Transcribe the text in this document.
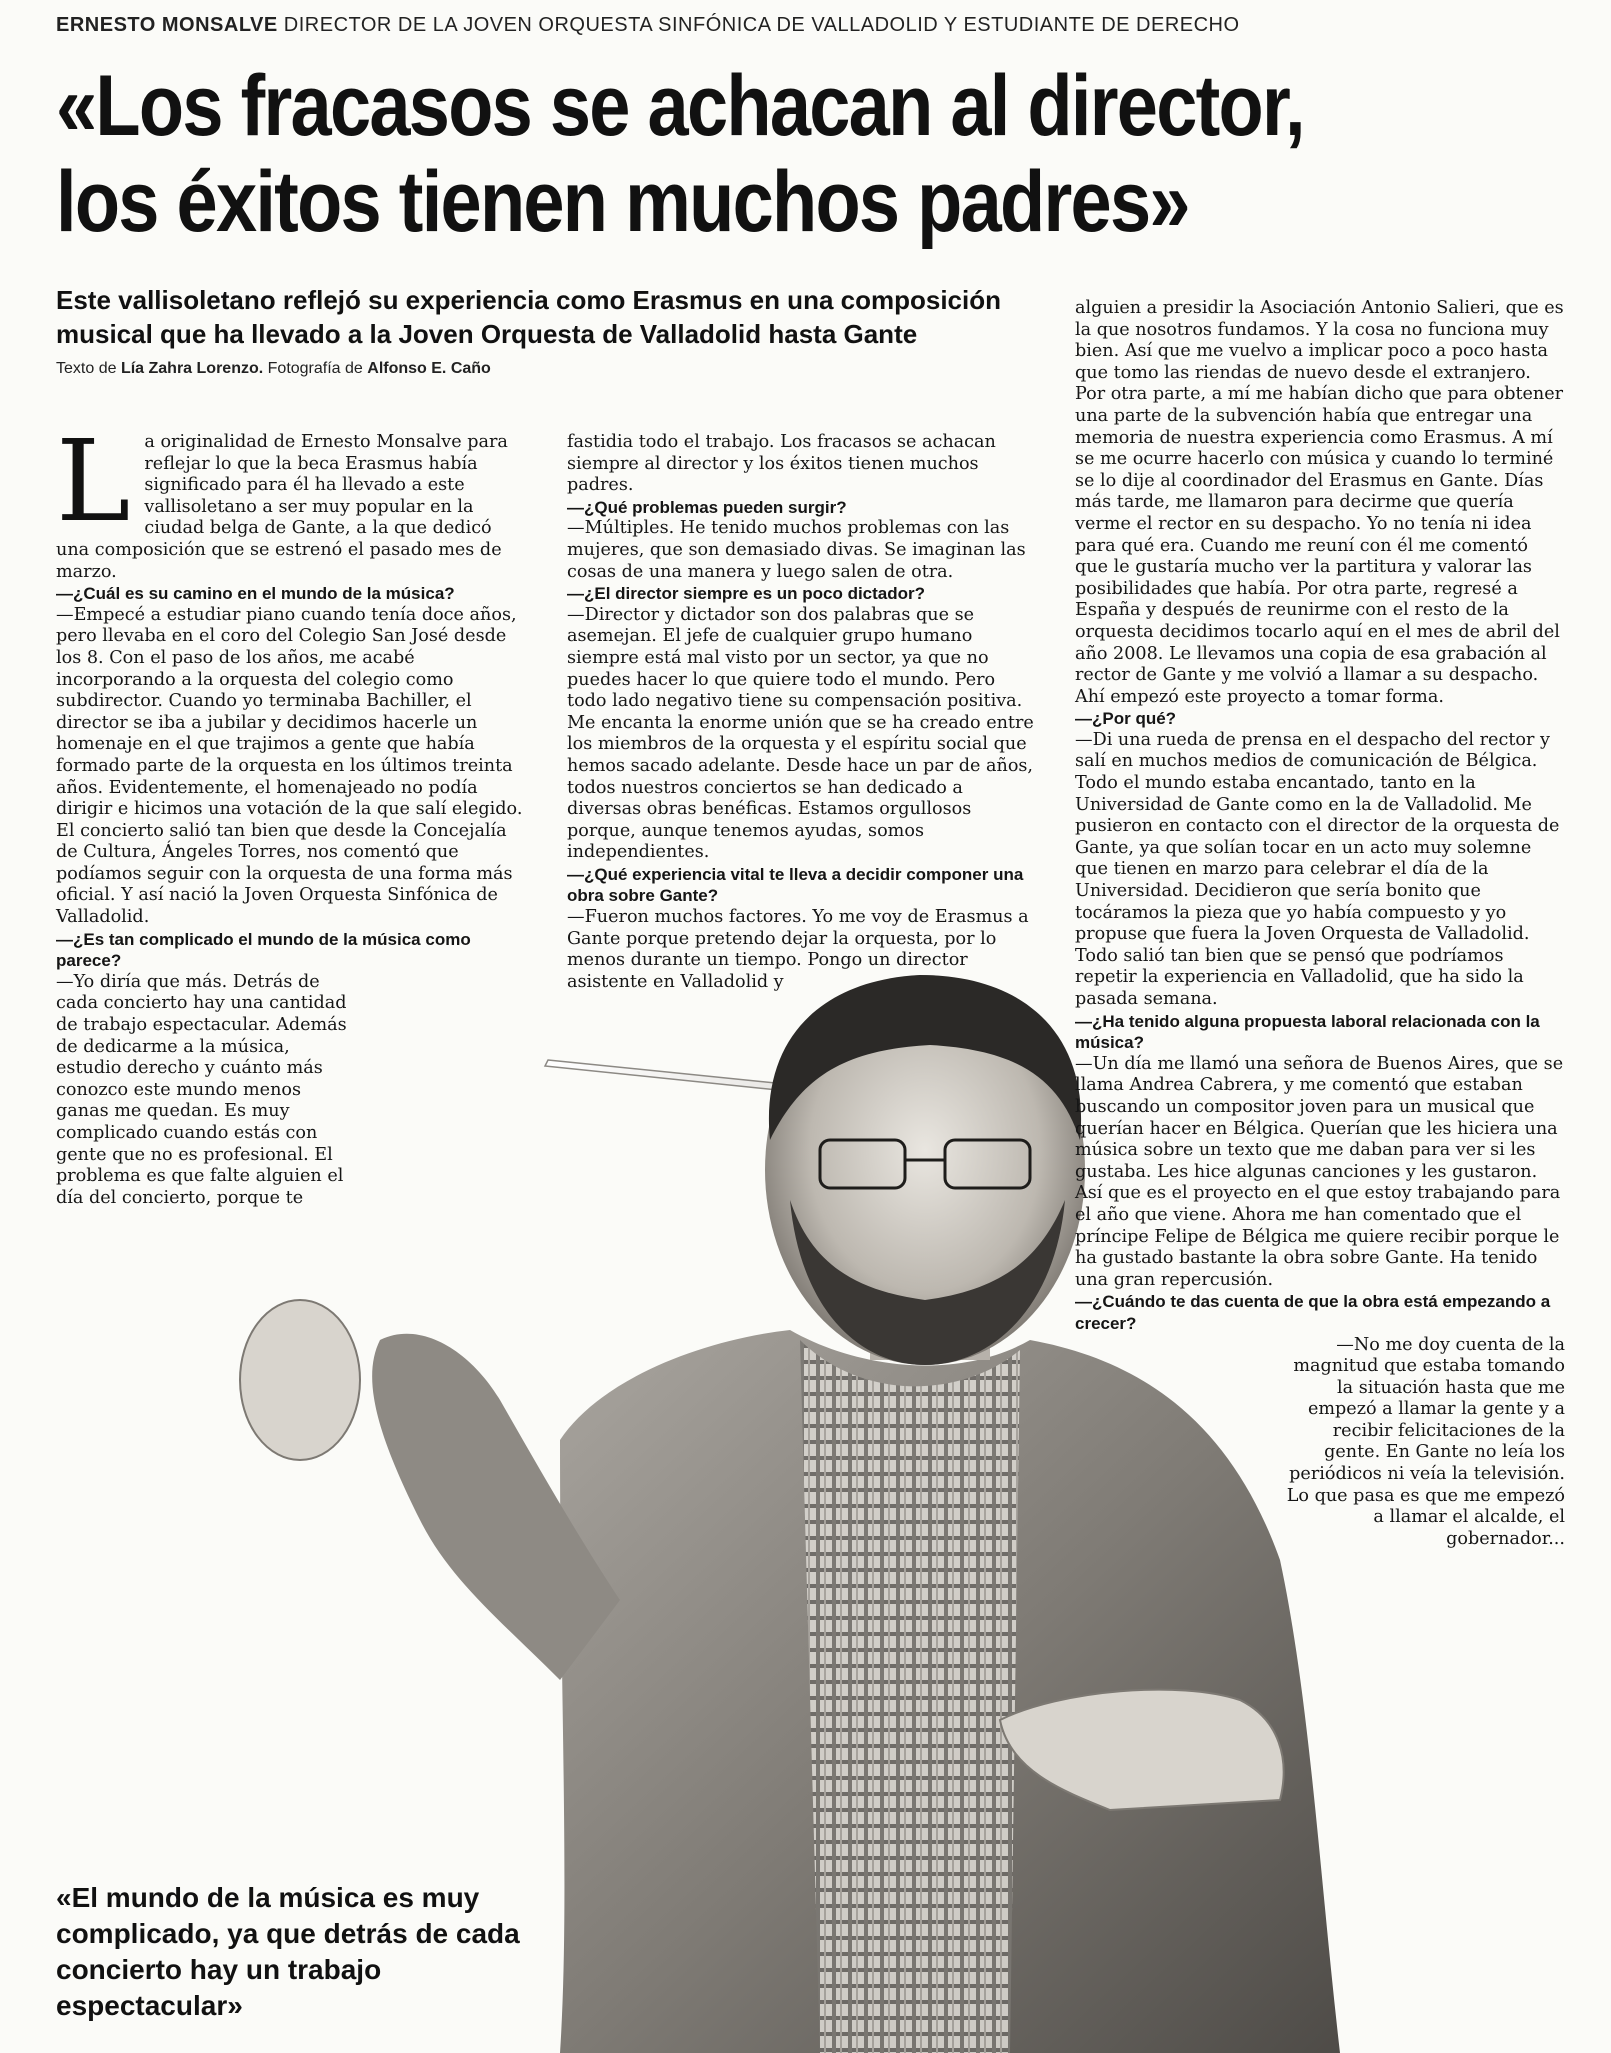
ERNESTO MONSALVE DIRECTOR DE LA JOVEN ORQUESTA SINFÓNICA DE VALLADOLID Y ESTUDIANTE DE DERECHO
«Los fracasos se achacan al director,
los éxitos tienen muchos padres»
Este vallisoletano reflejó su experiencia como Erasmus en una composición musical que ha llevado a la Joven Orquesta de Valladolid hasta Gante
Texto de Lía Zahra Lorenzo. Fotografía de Alfonso E. Caño
L a originalidad de Ernesto Monsalve para reflejar lo que la beca Erasmus había significado para él ha llevado a este vallisoletano a ser muy popular en la ciudad belga de Gante, a la que dedicó una composición que se estrenó el pasado mes de marzo.

—¿Cuál es su camino en el mundo de la música?

—Empecé a estudiar piano cuando tenía doce años, pero llevaba en el coro del Colegio San José desde los 8. Con el paso de los años, me acabé incorporando a la orquesta del colegio como subdirector. Cuando yo terminaba Bachiller, el director se iba a jubilar y decidimos hacerle un homenaje en el que trajimos a gente que había formado parte de la orquesta en los últimos treinta años. Evidentemente, el homenajeado no podía dirigir e hicimos una votación de la que salí elegido. El concierto salió tan bien que desde la Concejalía de Cultura, Ángeles Torres, nos comentó que podíamos seguir con la orquesta de una forma más oficial. Y así nació la Joven Orquesta Sinfónica de Valladolid.

—¿Es tan complicado el mundo de la música como parece?

—Yo diría que más. Detrás de cada concierto hay una cantidad de trabajo espectacular. Además de dedicarme a la música, estudio derecho y cuánto más conozco este mundo menos ganas me quedan. Es muy complicado cuando estás con gente que no es profesional. El problema es que falte alguien el día del concierto, porque te

fastidia todo el trabajo. Los fracasos se achacan siempre al director y los éxitos tienen muchos padres.

—¿Qué problemas pueden surgir?

—Múltiples. He tenido muchos problemas con las mujeres, que son demasiado divas. Se imaginan las cosas de una manera y luego salen de otra.

—¿El director siempre es un poco dictador?

—Director y dictador son dos palabras que se asemejan. El jefe de cualquier grupo humano siempre está mal visto por un sector, ya que no puedes hacer lo que quiere todo el mundo. Pero todo lado negativo tiene su compensación positiva. Me encanta la enorme unión que se ha creado entre los miembros de la orquesta y el espíritu social que hemos sacado adelante. Desde hace un par de años, todos nuestros conciertos se han dedicado a diversas obras benéficas. Estamos orgullosos porque, aunque tenemos ayudas, somos independientes.

—¿Qué experiencia vital te lleva a decidir componer una obra sobre Gante?

—Fueron muchos factores. Yo me voy de Erasmus a Gante porque pretendo dejar la orquesta, por lo menos durante un tiempo. Pongo un director asistente en Valladolid y

alguien a presidir la Asociación Antonio Salieri, que es la que nosotros fundamos. Y la cosa no funciona muy bien. Así que me vuelvo a implicar poco a poco hasta que tomo las riendas de nuevo desde el extranjero. Por otra parte, a mí me habían dicho que para obtener una parte de la subvención había que entregar una memoria de nuestra experiencia como Erasmus. A mí se me ocurre hacerlo con música y cuando lo terminé se lo dije al coordinador del Erasmus en Gante. Días más tarde, me llamaron para decirme que quería verme el rector en su despacho. Yo no tenía ni idea para qué era. Cuando me reuní con él me comentó que le gustaría mucho ver la partitura y valorar las posibilidades que había. Por otra parte, regresé a España y después de reunirme con el resto de la orquesta decidimos tocarlo aquí en el mes de abril del año 2008. Le llevamos una copia de esa grabación al rector de Gante y me volvió a llamar a su despacho. Ahí empezó este proyecto a tomar forma.

—¿Por qué?

—Di una rueda de prensa en el despacho del rector y salí en muchos medios de comunicación de Bélgica. Todo el mundo estaba encantado, tanto en la Universidad de Gante como en la de Valladolid. Me pusieron en contacto con el director de la orquesta de Gante, ya que solían tocar en un acto muy solemne que tienen en marzo para celebrar el día de la Universidad. Decidieron que sería bonito que tocáramos la pieza que yo había compuesto y yo propuse que fuera la Joven Orquesta de Valladolid. Todo salió tan bien que se pensó que podríamos repetir la experiencia en Valladolid, que ha sido la pasada semana.

—¿Ha tenido alguna propuesta laboral relacionada con la música?

—Un día me llamó una señora de Buenos Aires, que se llama Andrea Cabrera, y me comentó que estaban buscando un compositor joven para un musical que querían hacer en Bélgica. Querían que les hiciera una música sobre un texto que me daban para ver si les gustaba. Les hice algunas canciones y les gustaron. Así que es el proyecto en el que estoy trabajando para el año que viene. Ahora me han comentado que el príncipe Felipe de Bélgica me quiere recibir porque le ha gustado bastante la obra sobre Gante. Ha tenido una gran repercusión.

—¿Cuándo te das cuenta de que la obra está empezando a crecer?

—No me doy cuenta de la magnitud que estaba tomando la situación hasta que me empezó a llamar la gente y a recibir felicitaciones de la gente. En Gante no leía los periódicos ni veía la televisión. Lo que pasa es que me empezó a llamar el alcalde, el gobernador...

«El mundo de la música es muy complicado, ya que detrás de cada concierto hay un trabajo espectacular»
